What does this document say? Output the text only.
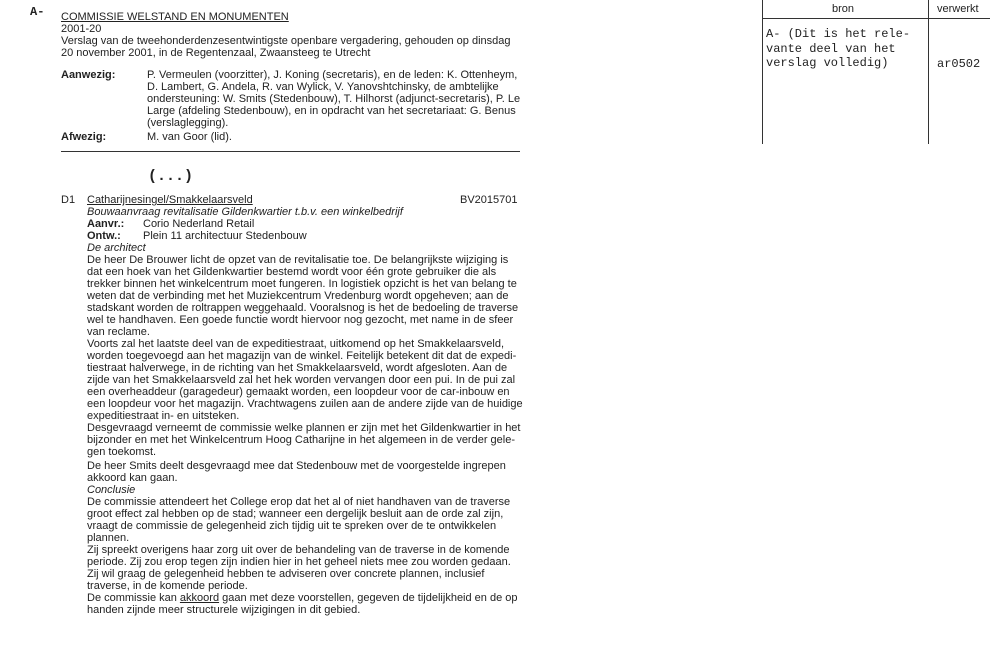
A- COMMISSIE WELSTAND EN MONUMENTEN
2001-20
Verslag van de tweehonderdenzesentwintigste openbare vergadering, gehouden op dinsdag
20 november 2001, in de Regentenzaal, Zwaansteeg te Utrecht
Aanwezig:	P. Vermeulen (voorzitter), J. Koning (secretaris), en de leden: K. Ottenheym,
D. Lambert, G. Andela, R. van Wylick, V. Yanovshtchinsky, de ambtelijke
ondersteuning: W. Smits (Stedenbouw), T. Hilhorst (adjunct-secretaris), P. Le
Large (afdeling Stedenbouw), en in opdracht van het secretariaat: G. Benus
(verslaglegging).
Afwezig:	M. van Goor (lid).
(...)
D1 Catharijnesingel/Smakkelaarsveld	BV2015701
Bouwaanvraag revitalisatie Gildenkwartier t.b.v. een winkelbedrijf
Aanvr.: Corio Nederland Retail
Ontw.: Plein 11 architectuur Stedenbouw
De architect
De heer De Brouwer licht de opzet van de revitalisatie toe. De belangrijkste wijziging is
dat een hoek van het Gildenkwartier bestemd wordt voor één grote gebruiker die als
trekker binnen het winkelcentrum moet fungeren. In logistiek opzicht is het van belang te
weten dat de verbinding met het Muziekcentrum Vredenburg wordt opgeheven; aan de
stadskant worden de roltrappen weggehaald. Vooralsnog is het de bedoeling de traverse
wel te handhaven. Een goede functie wordt hiervoor nog gezocht, met name in de sfeer
van reclame.
Voorts zal het laatste deel van de expeditiestraat, uitkomend op het Smakkelaarsveld,
worden toegevoegd aan het magazijn van de winkel. Feitelijk betekent dit dat de expedi-
tiestraat halverwege, in de richting van het Smakkelaarsveld, wordt afgesloten. Aan de
zijde van het Smakkelaarsveld zal het hek worden vervangen door een pui. In de pui zal
een overheaddeur (garagedeur) gemaakt worden, een loopdeur voor de car-inbouw en
een loopdeur voor het magazijn. Vrachtwagens zuilen aan de andere zijde van de huidige
expeditiestraat in- en uitsteken.
Desgevraagd verneemt de commissie welke plannen er zijn met het Gildenkwartier in het
bijzonder en met het Winkelcentrum Hoog Catharijne in het algemeen in de verder gele-
gen toekomst.
De heer Smits deelt desgevraagd mee dat Stedenbouw met de voorgestelde ingrepen
akkoord kan gaan.
Conclusie
De commissie attendeert het College erop dat het al of niet handhaven van de traverse
groot effect zal hebben op de stad; wanneer een dergelijk besluit aan de orde zal zijn,
vraagt de commissie de gelegenheid zich tijdig uit te spreken over de te ontwikkelen
plannen.
Zij spreekt overigens haar zorg uit over de behandeling van de traverse in de komende
periode. Zij zou erop tegen zijn indien hier in het geheel niets mee zou worden gedaan.
Zij wil graag de gelegenheid hebben te adviseren over concrete plannen, inclusief
traverse, in de komende periode.
De commissie kan akkoord gaan met deze voorstellen, gegeven de tijdelijkheid en de op
handen zijnde meer structurele wijzigingen in dit gebied.
bron	verwerkt
A- (Dit is het rele-
vante deel van het
verslag volledig)	ar0502
